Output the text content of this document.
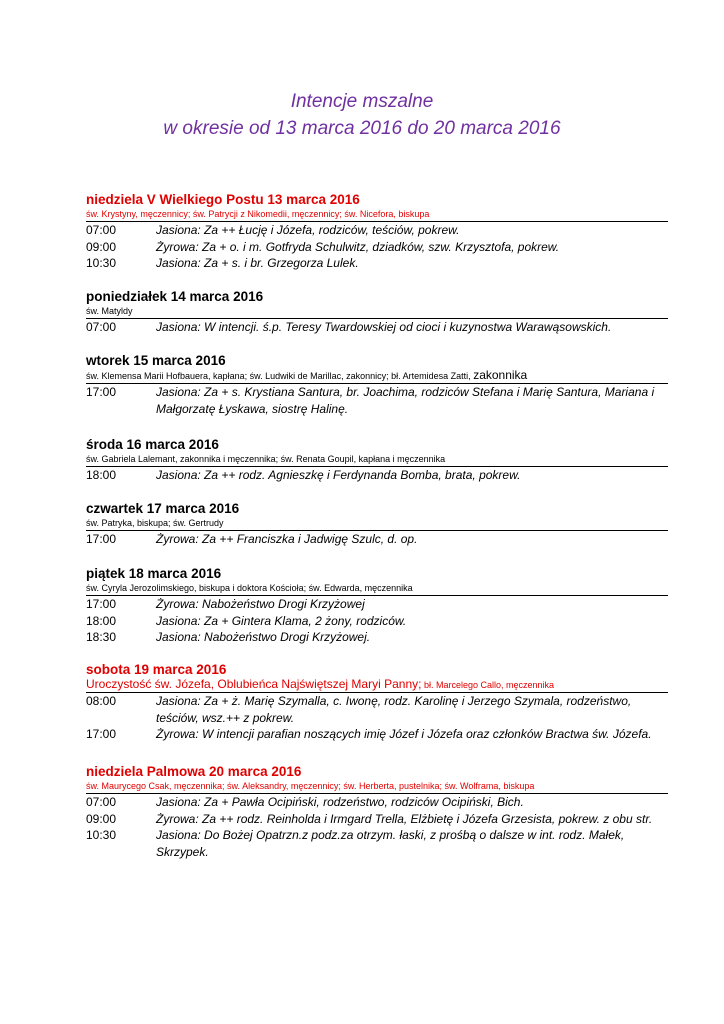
Intencje mszalne
w okresie od 13 marca 2016 do 20 marca 2016
niedziela V Wielkiego Postu 13 marca 2016
św. Krystyny, męczennicy; św. Patrycji z Nikomedii, męczennicy; św. Nicefora, biskupa
07:00	Jasiona: Za ++ Łucję i Józefa, rodziców, teściów, pokrew.
09:00	Żyrowa: Za + o. i m. Gotfryda Schulwitz, dziadków, szw. Krzysztofa, pokrew.
10:30	Jasiona: Za + s. i br. Grzegorza Lulek.
poniedziałek 14 marca 2016
św. Matyldy
07:00	Jasiona: W intencji. ś.p. Teresy Twardowskiej od cioci i kuzynostwa Warawąsowskich.
wtorek 15 marca 2016
św. Klemensa Marii Hofbauera, kapłana; św. Ludwiki de Marillac, zakonnicy; bł. Artemidesa Zatti, zakonnika
17:00	Jasiona: Za + s. Krystiana Santura, br. Joachima, rodziców Stefana i Marię Santura, Mariana i Małgorzatę Łyskawa, siostrę Halinę.
środa 16 marca 2016
św. Gabriela Lalemant, zakonnika i męczennika; św. Renata Goupil, kapłana i męczennika
18:00	Jasiona: Za ++ rodz. Agnieszkę i Ferdynanda Bomba, brata, pokrew.
czwartek 17 marca 2016
św. Patryka, biskupa; św. Gertrudy
17:00	Żyrowa: Za ++ Franciszka i Jadwigę Szulc, d. op.
piątek 18 marca 2016
św. Cyryla Jerozolimskiego, biskupa i doktora Kościoła; św. Edwarda, męczennika
17:00	Żyrowa: Nabożeństwo Drogi Krzyżowej
18:00	Jasiona: Za + Gintera Klama, 2 żony, rodziców.
18:30	Jasiona: Nabożeństwo Drogi Krzyżowej.
sobota 19 marca 2016
Uroczystość św. Józefa, Oblubieńca Najświętszej Maryi Panny; bł. Marcelego Callo, męczennika
08:00	Jasiona: Za + ż. Marię Szymalla, c. Iwonę, rodz. Karolinę i Jerzego Szymala, rodzeństwo, teściów, wsz.++ z pokrew.
17:00	Żyrowa: W intencji parafian noszących imię Józef i Józefa oraz członków Bractwa św. Józefa.
niedziela Palmowa 20 marca 2016
św. Maurycego Csak, męczennika; św. Aleksandry, męczennicy; św. Herberta, pustelnika; św. Wolframa, biskupa
07:00	Jasiona: Za + Pawła Ocipiński, rodzeństwo, rodziców Ocipiński, Bich.
09:00	Żyrowa: Za ++ rodz. Reinholda i Irmgard Trella, Elżbietę i Józefa Grzesista, pokrew. z obu str.
10:30	Jasiona: Do Bożej Opatrzn.z podz.za otrzym. łaski, z prośbą o dalsze w int. rodz. Małek, Skrzypek.
